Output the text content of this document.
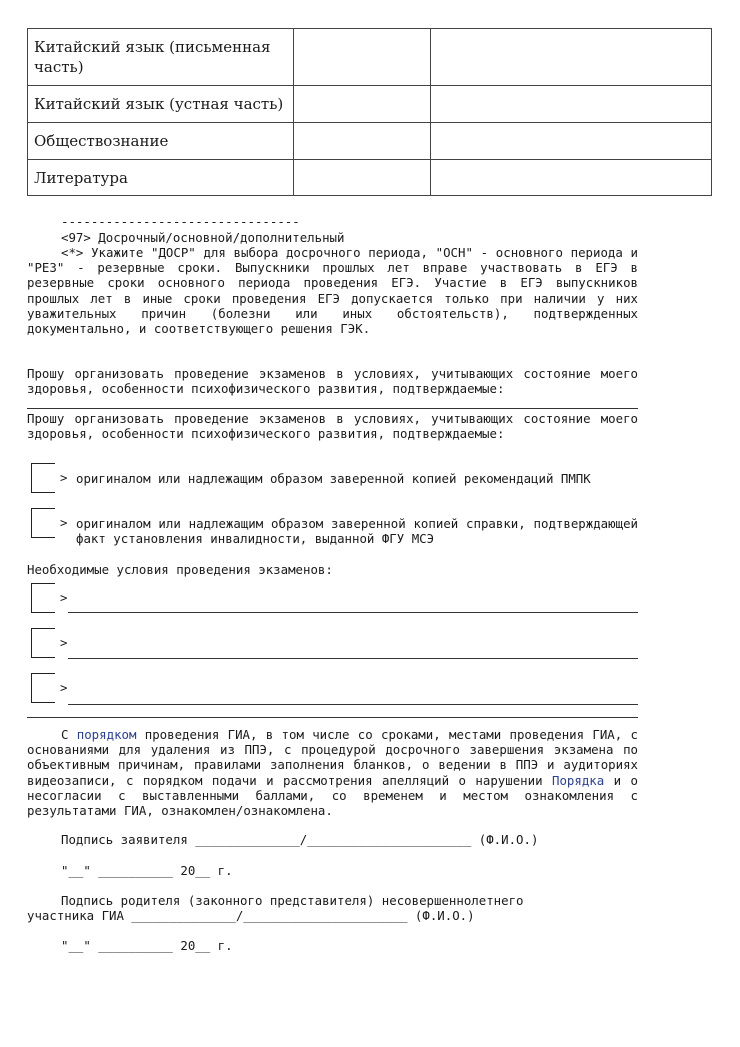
Китайский язык (письменная часть)		

Китайский язык (устная часть)		

Обществознание		

Литература		

--------------------------------
<97> Досрочный/основной/дополнительный
<*> Укажите "ДОСР" для выбора досрочного периода, "ОСН" - основного периода и "РЕЗ" - резервные сроки. Выпускники прошлых лет вправе участвовать в ЕГЭ в резервные сроки основного периода проведения ЕГЭ. Участие в ЕГЭ выпускников прошлых лет в иные сроки проведения ЕГЭ допускается только при наличии у них уважительных причин (болезни или иных обстоятельств), подтвержденных документально, и соответствующего решения ГЭК.
Прошу организовать проведение экзаменов в условиях, учитывающих состояние моего здоровья, особенности психофизического развития, подтверждаемые:
Прошу организовать проведение экзаменов в условиях, учитывающих состояние моего здоровья, особенности психофизического развития, подтверждаемые:
> оригиналом или надлежащим образом заверенной копией рекомендаций ПМПК
> оригиналом или надлежащим образом заверенной копией справки, подтверждающей факт установления инвалидности, выданной ФГУ МСЭ
Необходимые условия проведения экзаменов:
>
>
>
С порядком проведения ГИА, в том числе со сроками, местами проведения ГИА, с основаниями для удаления из ППЭ, с процедурой досрочного завершения экзамена по объективным причинам, правилами заполнения бланков, о ведении в ППЭ и аудиториях видеозаписи, с порядком подачи и рассмотрения апелляций о нарушении Порядка и о несогласии с выставленными баллами, со временем и местом ознакомления с результатами ГИА, ознакомлен/ознакомлена.
Подпись заявителя ______________/______________________ (Ф.И.О.)
"__" __________ 20__ г.
Подпись родителя (законного представителя) несовершеннолетнего
участника ГИА ______________/______________________ (Ф.И.О.)
"__" __________ 20__ г.
